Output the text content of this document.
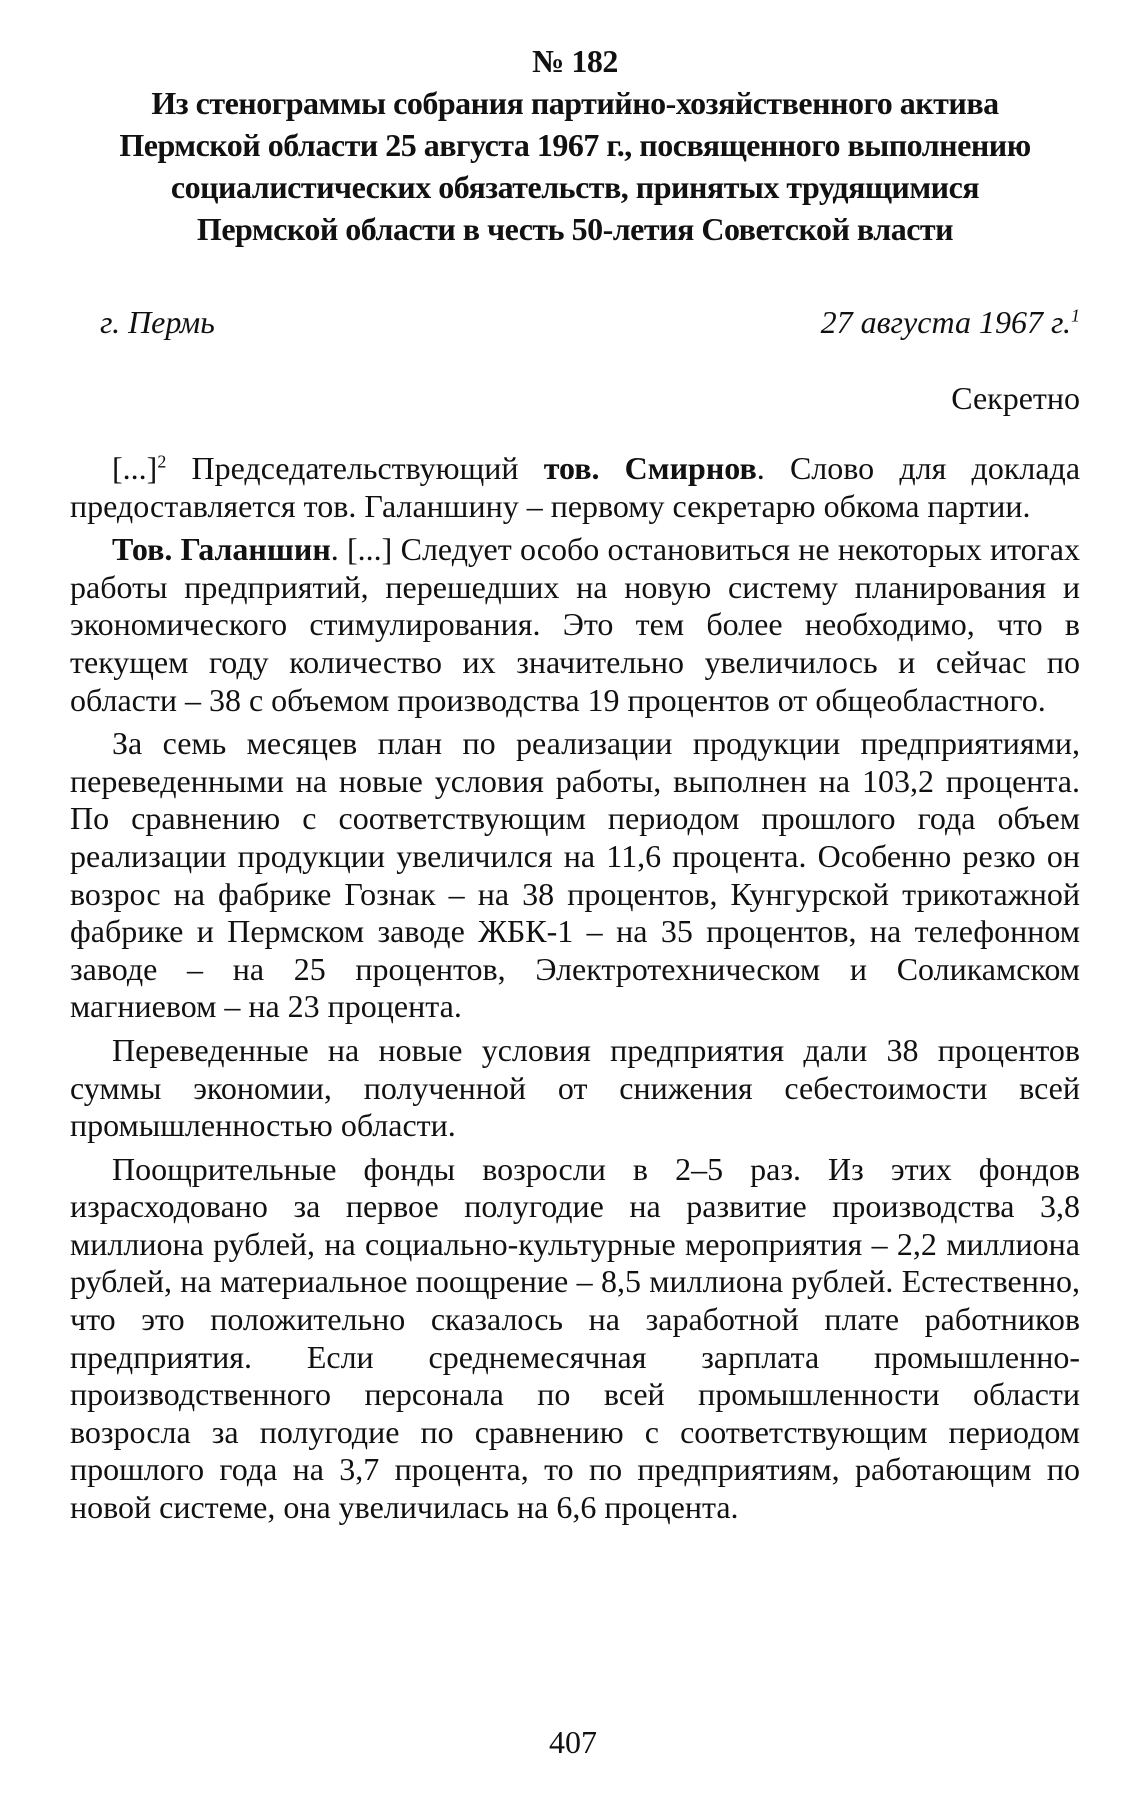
№ 182
Из стенограммы собрания партийно-хозяйственного актива Пермской области 25 августа 1967 г., посвященного выполнению социалистических обязательств, принятых трудящимися Пермской области в честь 50-летия Советской власти
г. Пермь	27 августа 1967 г.$^1$
Секретно

[...]$^2$ Председательствующий тов. Смирнов. Слово для доклада предоставляется тов. Галаншину – первому секретарю обкома партии.

Тов. Галаншин. [...] Следует особо остановиться не некоторых итогах работы предприятий, перешедших на новую систему планирования и экономического стимулирования. Это тем более необходимо, что в текущем году количество их значительно увеличилось и сейчас по области – 38 с объемом производства 19 процентов от общеобластного.

За семь месяцев план по реализации продукции предприятиями, переведенными на новые условия работы, выполнен на 103,2 процента. По сравнению с соответствующим периодом прошлого года объем реализации продукции увеличился на 11,6 процента. Особенно резко он возрос на фабрике Гознак – на 38 процентов, Кунгурской трикотажной фабрике и Пермском заводе ЖБК-1 – на 35 процентов, на телефонном заводе – на 25 процентов, Электротехническом и Соликамском магниевом – на 23 процента.

Переведенные на новые условия предприятия дали 38 процентов суммы экономии, полученной от снижения себестоимости всей промышленностью области.

Поощрительные фонды возросли в 2–5 раз. Из этих фондов израсходовано за первое полугодие на развитие производства 3,8 миллиона рублей, на социально-культурные мероприятия – 2,2 миллиона рублей, на материальное поощрение – 8,5 миллиона рублей. Естественно, что это положительно сказалось на заработной плате работников предприятия. Если среднемесячная зарплата промышленно-производственного персонала по всей промышленности области возросла за полугодие по сравнению с соответствующим периодом прошлого года на 3,7 процента, то по предприятиям, работающим по новой системе, она увеличилась на 6,6 процента.

407
